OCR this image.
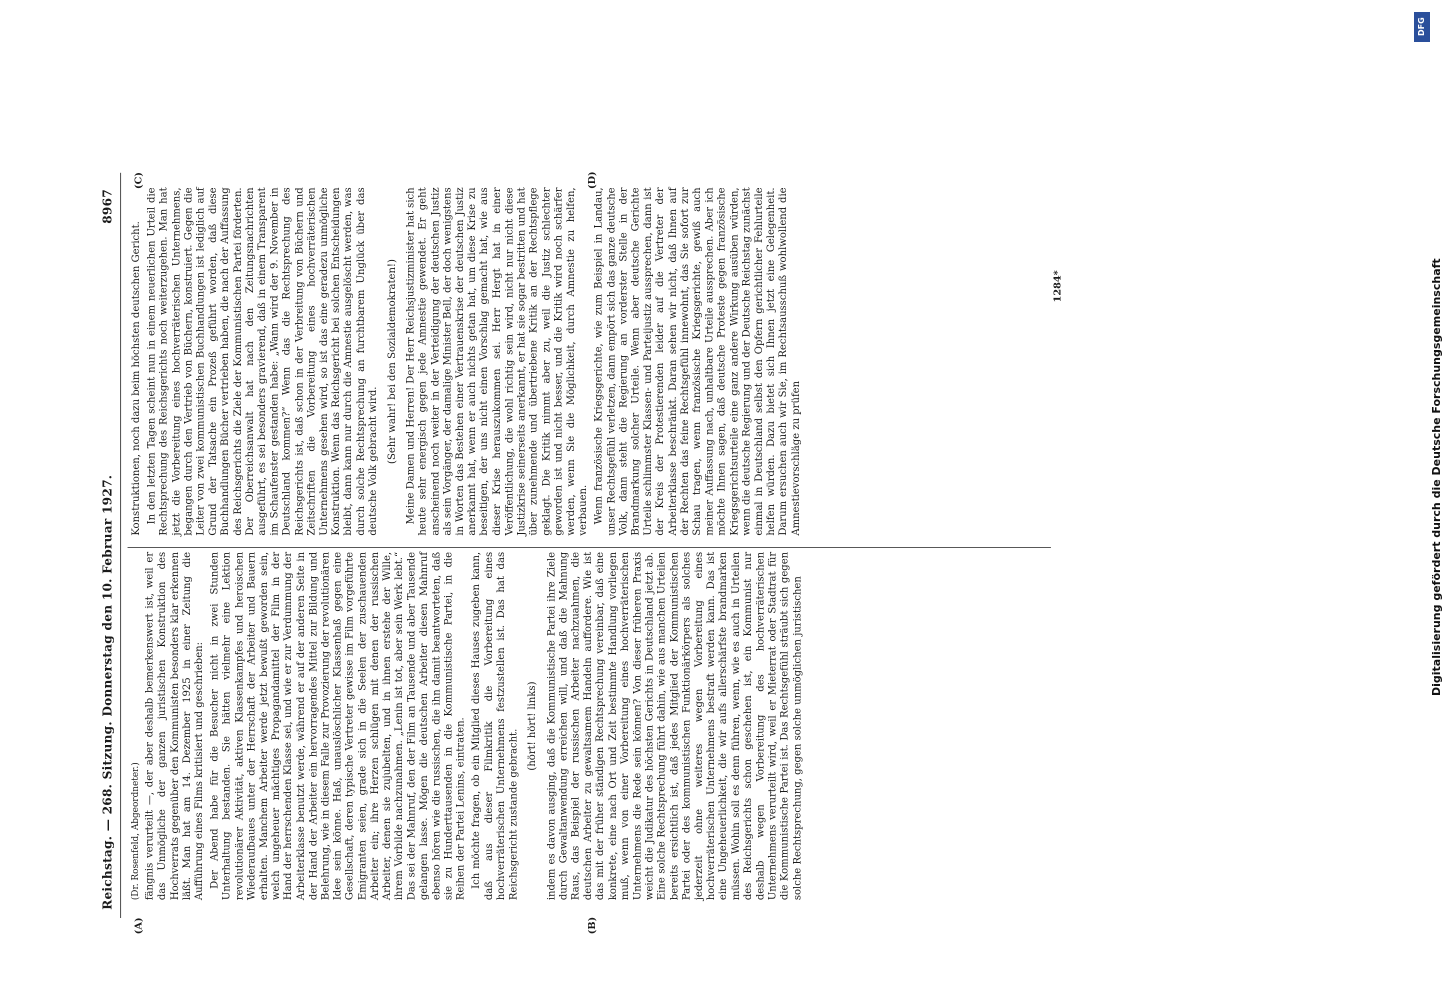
Reichstag. — 268. Sitzung. Donnerstag den 10. Februar 1927.
8967
(A)	(B)
(C)	(D)
(Dr. Rosenfeld, Abgeordneter.) fängnis verurteilt —, der aber deshalb bemerkenswert ist, weil er das Unmögliche der ganzen juristischen Konstruktion des Hochverrats gegenüber den Kommunisten besonders klar erkennen läßt. Man hat am 14. Dezember 1925 in einer Zeitung die Aufführung eines Films kritisiert und geschrieben: Der Abend habe für die Besucher nicht in zwei Stunden Unterhaltung bestanden. Sie hätten vielmehr eine Lektion revolutionärer Aktivität, aktiven Klassenkampfes und heroischen Wiederaufbaues unter der Herrschaft der Arbeiter und Bauern erhalten. Manchem Arbeiter werde jetzt bewußt geworden sein, welch ungeheuer mächtiges Propagandamittel der Film in der Hand der herrschenden Klasse sei, und wie er zur Verdummung der Arbeiterklasse benutzt werde, während er auf der anderen Seite in der Hand der Arbeiter ein hervorragendes Mittel zur Bildung und Belehrung, wie in diesem Falle zur Provozierung der revolutionären Idee sein könne. Haß, unauslöschlicher Klassenhaß gegen eine Gesellschaft, deren typische Vertreter gewisse im Film vorgeführte Emigranten seien, grade sich in die Seelen der zuschauenden Arbeiter ein; ihre Herzen schlügen mit denen der russischen Arbeiter, denen sie zujubelten, und in ihnen erstehe der Wille, ihrem Vorbilde nachzunahmen. „Lenin ist tot, aber sein Werk lebt.“ Das sei der Mahnruf, den der Film an Tausende und aber Tausende gelangen lasse. Mögen die deutschen Arbeiter diesen Mahnruf ebenso hören wie die russischen, die ihn damit beantworteten, daß sie zu Hunderttausenden in die Kommunistische Partei, in die Reihen der Partei Lenins, eintraten. Ich möchte fragen, ob ein Mitglied dieses Hauses zugeben kann, daß aus dieser Filmkritik die Vorbereitung eines hochverräterischen Unternehmens festzustellen ist. Das hat das Reichsgericht zustande gebracht.

(hört! hört! links) indem es davon ausging, daß die Kommunistische Partei ihre Ziele durch Gewaltanwendung erreichen will, und daß die Mahnung Raus, das Beispiel der russischen Arbeiter nachzuahmen, die deutschen Arbeiter zu gewaltsamem Handeln auffordere. Wie ist das mit der früher ständigen Rechtsprechung vereinbar, daß eine konkrete, eine nach Ort und Zeit bestimmte Handlung vorliegen muß, wenn von einer Vorbereitung eines hochverräterischen Unternehmens die Rede sein können? Von dieser früheren Praxis weicht die Judikatur des höchsten Gerichts in Deutschland jetzt ab. Eine solche Rechtsprechung führt dahin, wie aus manchen Urteilen bereits ersichtlich ist, daß jedes Mitglied der Kommunistischen Partei oder des kommunistischen Funktionärkörpers als solches jederzeit ohne weiteres wegen Vorbereitung eines hochverräterischen Unternehmens bestraft werden kann. Das ist eine Ungeheuerlichkeit, die wir aufs allerschärfste brandmarken müssen. Wohin soll es denn führen, wenn, wie es auch in Urteilen des Reichsgerichts schon geschehen ist, ein Kommunist nur deshalb wegen Vorbereitung des hochverräterischen Unternehmens verurteilt wird, weil er Mieterrat oder Stadtrat für die Kommunistische Partei ist. Das Rechtsgefühl sträubt sich gegen solche Rechtsprechung, gegen solche unmöglichen juristischen

Konstruktionen, noch dazu beim höchsten deutschen Gericht. In den letzten Tagen scheint nun in einem neuerlichen Urteil die Rechtsprechung des Reichsgerichts noch weiterzugehen. Man hat jetzt die Vorbereitung eines hochverräterischen Unternehmens, begangen durch den Vertrieb von Büchern, konstruiert. Gegen die Leiter von zwei kommunistischen Buchhandlungen ist lediglich auf Grund der Tatsache ein Prozeß geführt worden, daß diese Buchhandlungen Bücher vertrieben haben, die nach der Auffassung des Reichsgerichts die Ziele der Kommunistischen Partei förderten. Der Oberreichsanwalt hat nach den Zeitungsnachrichten ausgeführt, es sei besonders gravierend, daß in einem Transparent im Schaufenster gestanden habe: „Wann wird der 9. November in Deutschland kommen?“ Wenn das die Rechtsprechung des Reichsgerichts ist, daß schon in der Verbreitung von Büchern und Zeitschriften die Vorbereitung eines hochverräterischen Unternehmens gesehen wird, so ist das eine geradezu unmögliche Konstruktion. Wenn das Reichsgericht bei solchen Entscheidungen bleibt, dann kann nur durch die Amnestie ausgelöscht werden, was durch solche Rechtsprechung an furchtbarem Unglück über das deutsche Volk gebracht wird. (Sehr wahr! bei den Sozialdemokraten!) Meine Damen und Herren! Der Herr Reichsjustizminister hat sich heute sehr energisch gegen jede Amnestie gewendet. Er geht anscheinend noch weiter in der Verteidigung der deutschen Justiz als sein Vorgänger, der damalige Minister Bell, der doch wenigstens in Worten das Bestehen einer Vertrauenskrise der deutschen Justiz anerkannt hat, wenn er auch nichts getan hat, um diese Krise zu beseitigen, der uns nicht einen Vorschlag gemacht hat, wie aus dieser Krise herauszukommen sei. Herr Hergt hat in einer Veröffentlichung, die wohl richtig sein wird, nicht nur nicht diese Justizkrise seinerseits anerkannt, er hat sie sogar bestritten und hat über zunehmende und übertriebene Kritik an der Rechtspflege geklagt. Die Kritik nimmt aber zu, weil die Justiz schlechter geworden ist und nicht besser, und die Kritik wird noch schärfer werden, wenn Sie die Möglichkeit, durch Amnestie zu helfen, verbauen. Wenn französische Kriegsgerichte, wie zum Beispiel in Landau, unser Rechtsgefühl verletzen, dann empört sich das ganze deutsche Volk, dann steht die Regierung an vorderster Stelle in der Brandmarkung solcher Urteile. Wenn aber deutsche Gerichte Urteile schlimmster Klassen- und Parteijustiz aussprechen, dann ist der Kreis der Protestierenden leider auf die Vertreter der Arbeiterklasse beschränkt. Daran sehen wir nicht, daß Ihnen auf der Rechten das feine Rechtsgefühl innewohnt, das Sie sofort zur Schau tragen, wenn französische Kriegsgerichte, gewiß auch meiner Auffassung nach, unhaltbare Urteile aussprechen. Aber ich möchte Ihnen sagen, daß deutsche Proteste gegen französische Kriegsgerichtsurteile eine ganz andere Wirkung ausüben würden, wenn die deutsche Regierung und der Deutsche Reichstag zunächst einmal in Deutschland selbst den Opfern gerichtlicher Fehlurteile helfen würden. Dazu bietet sich Ihnen jetzt eine Gelegenheit. Darum ersuchen auch wir Sie, im Rechtsausschuß wohlwollend die Amnestievorschläge zu prüfen

1284*
DFG
Digitalisierung gefördert durch die Deutsche Forschungsgemeinschaft
